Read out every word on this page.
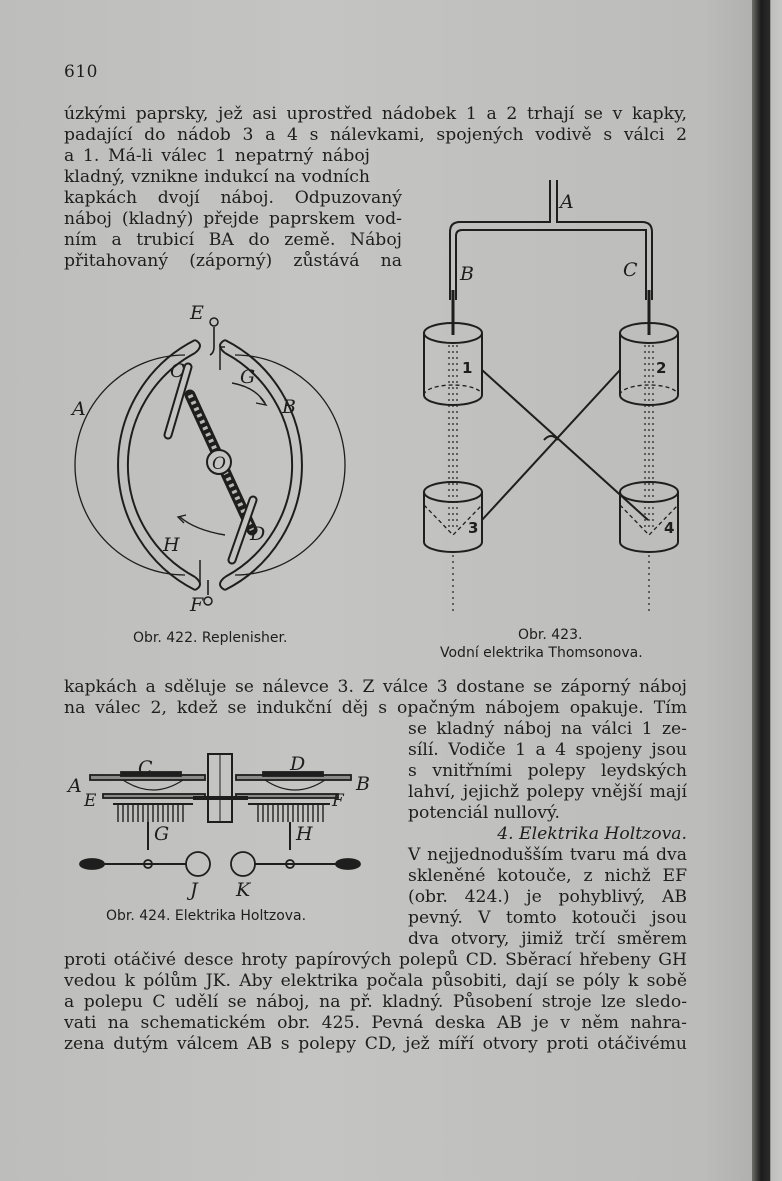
610
úzkými paprsky, jež asi uprostřed nádobek 1 a 2 trhají se v kapky,
padající do nádob 3 a 4 s nálevkami, spojených vodivě s válci 2
a 1. Má-li válec 1 nepatrný náboj
kladný, vznikne indukcí na vodních
kapkách dvojí náboj. Odpuzovaný
náboj (kladný) přejde paprskem vod-
ním a trubicí BA do země. Náboj
přitahovaný (záporný) zůstává na
E
A	B
C	G
O
D
H
F
Obr. 422. Replenisher.
A
B	C
1	2
3	4
Obr. 423.
Vodní elektrika Thomsonova.
kapkách a sděluje se nálevce 3. Z válce 3 dostane se záporný náboj
na válec 2, kdež se indukční děj s opačným nábojem opakuje. Tím
A
E
C	D
B
F
G	H
J K
Obr. 424. Elektrika Holtzova.
se kladný náboj na válci 1 ze-
sílí. Vodiče 1 a 4 spojeny jsou
s vnitřními polepy leydských
lahví, jejichž polepy vnější mají
potenciál nullový.
4. Elektrika Holtzova.
V nejjednodušším tvaru má dva
skleněné kotouče, z nichž EF
(obr. 424.) je pohyblivý, AB
pevný. V tomto kotouči jsou
dva otvory, jimiž trčí směrem
proti otáčivé desce hroty papírových polepů CD. Sběrací hřebeny GH
vedou k pólům JK. Aby elektrika počala působiti, dají se póly k sobě
a polepu C udělí se náboj, na př. kladný. Působení stroje lze sledo-
vati na schematickém obr. 425. Pevná deska AB je v něm nahra-
zena dutým válcem AB s polepy CD, jež míří otvory proti otáčivému
